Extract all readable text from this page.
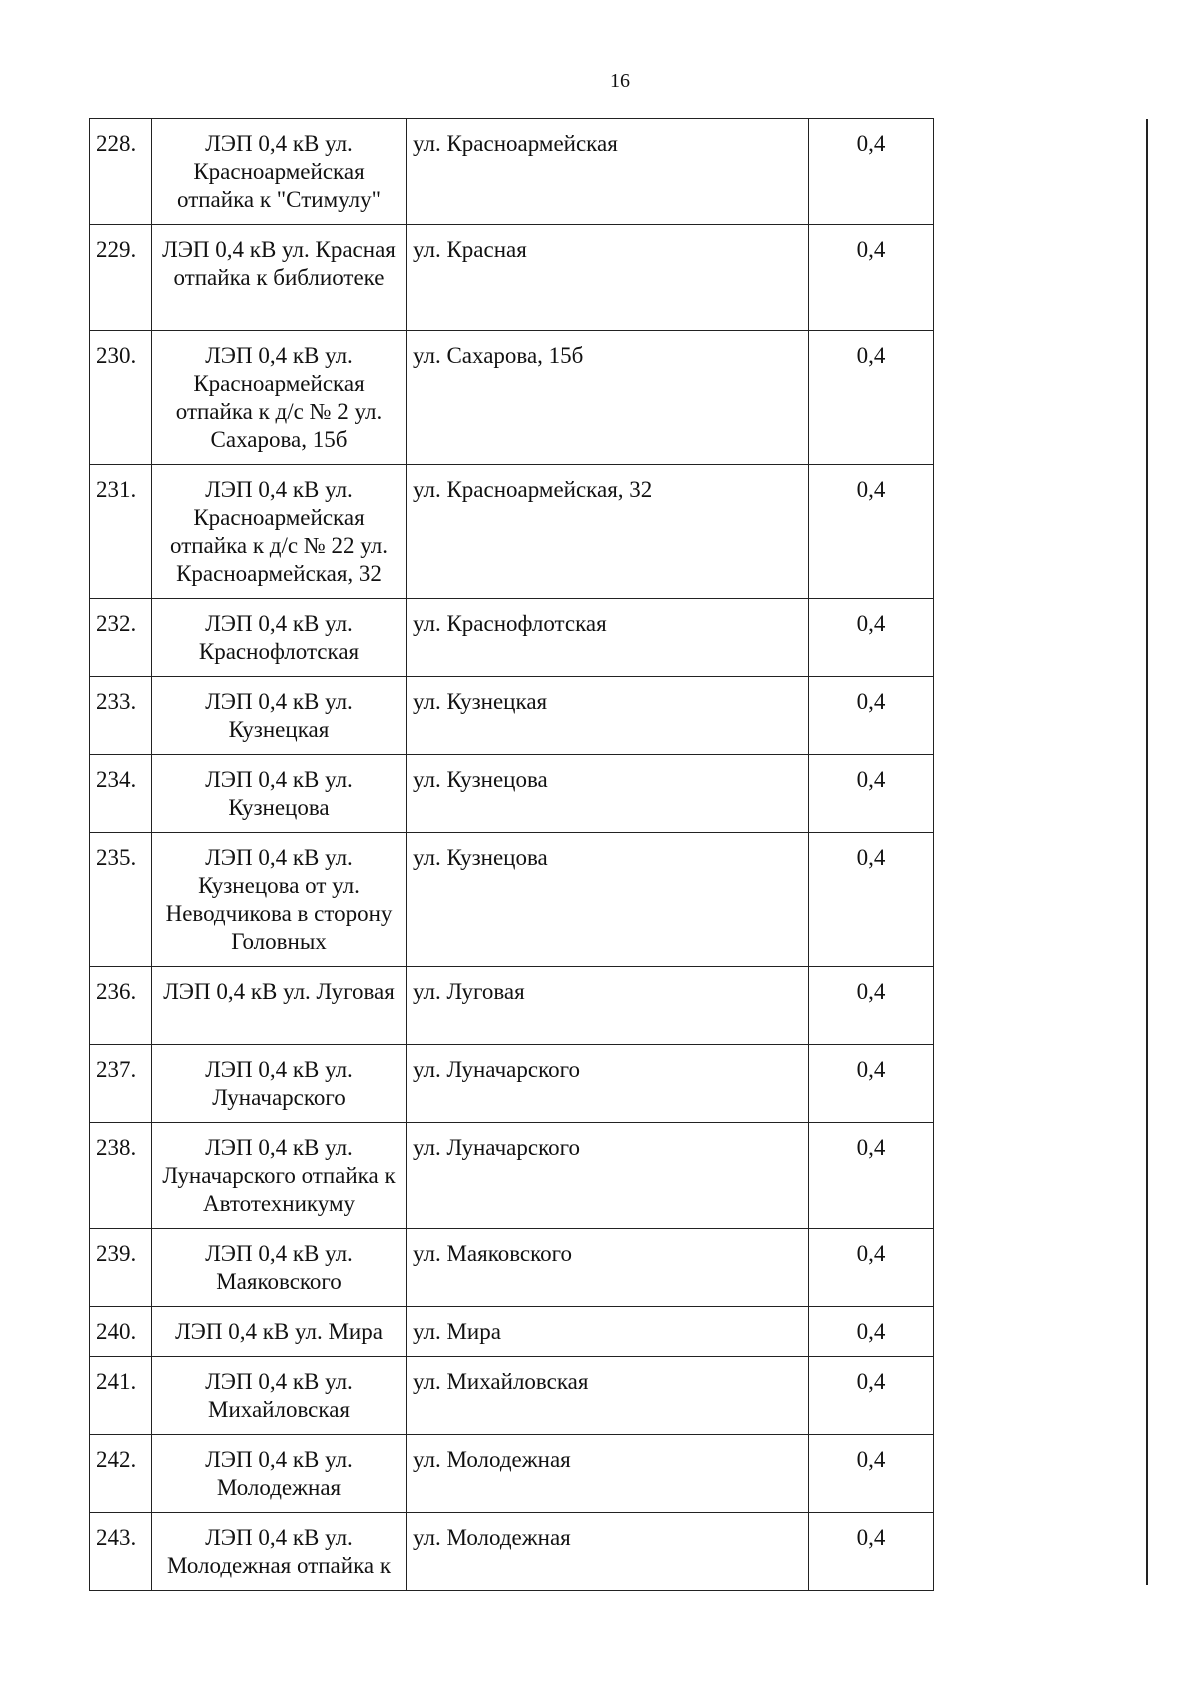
16
228.	ЛЭП 0,4 кВ ул. Красноармейская отпайка к "Стимулу"	ул. Красноармейская	0,4
229.	ЛЭП 0,4 кВ ул. Красная отпайка к библиотеке	ул. Красная	0,4
230.	ЛЭП 0,4 кВ ул. Красноармейская отпайка к д/с № 2 ул. Сахарова, 15б	ул. Сахарова, 15б	0,4
231.	ЛЭП 0,4 кВ ул. Красноармейская отпайка к д/с № 22 ул. Красноармейская, 32	ул. Красноармейская, 32	0,4
232.	ЛЭП 0,4 кВ ул. Краснофлотская	ул. Краснофлотская	0,4
233.	ЛЭП 0,4 кВ ул. Кузнецкая	ул. Кузнецкая	0,4
234.	ЛЭП 0,4 кВ ул. Кузнецова	ул. Кузнецова	0,4
235.	ЛЭП 0,4 кВ ул. Кузнецова от ул. Неводчикова в сторону Головных	ул. Кузнецова	0,4
236.	ЛЭП 0,4 кВ ул. Луговая	ул. Луговая	0,4
237.	ЛЭП 0,4 кВ ул. Луначарского	ул. Луначарского	0,4
238.	ЛЭП 0,4 кВ ул. Луначарского отпайка к Автотехникуму	ул. Луначарского	0,4
239.	ЛЭП 0,4 кВ ул. Маяковского	ул. Маяковского	0,4
240.	ЛЭП 0,4 кВ ул. Мира	ул. Мира	0,4
241.	ЛЭП 0,4 кВ ул. Михайловская	ул. Михайловская	0,4
242.	ЛЭП 0,4 кВ ул. Молодежная	ул. Молодежная	0,4
243.	ЛЭП 0,4 кВ ул. Молодежная отпайка к	ул. Молодежная	0,4
